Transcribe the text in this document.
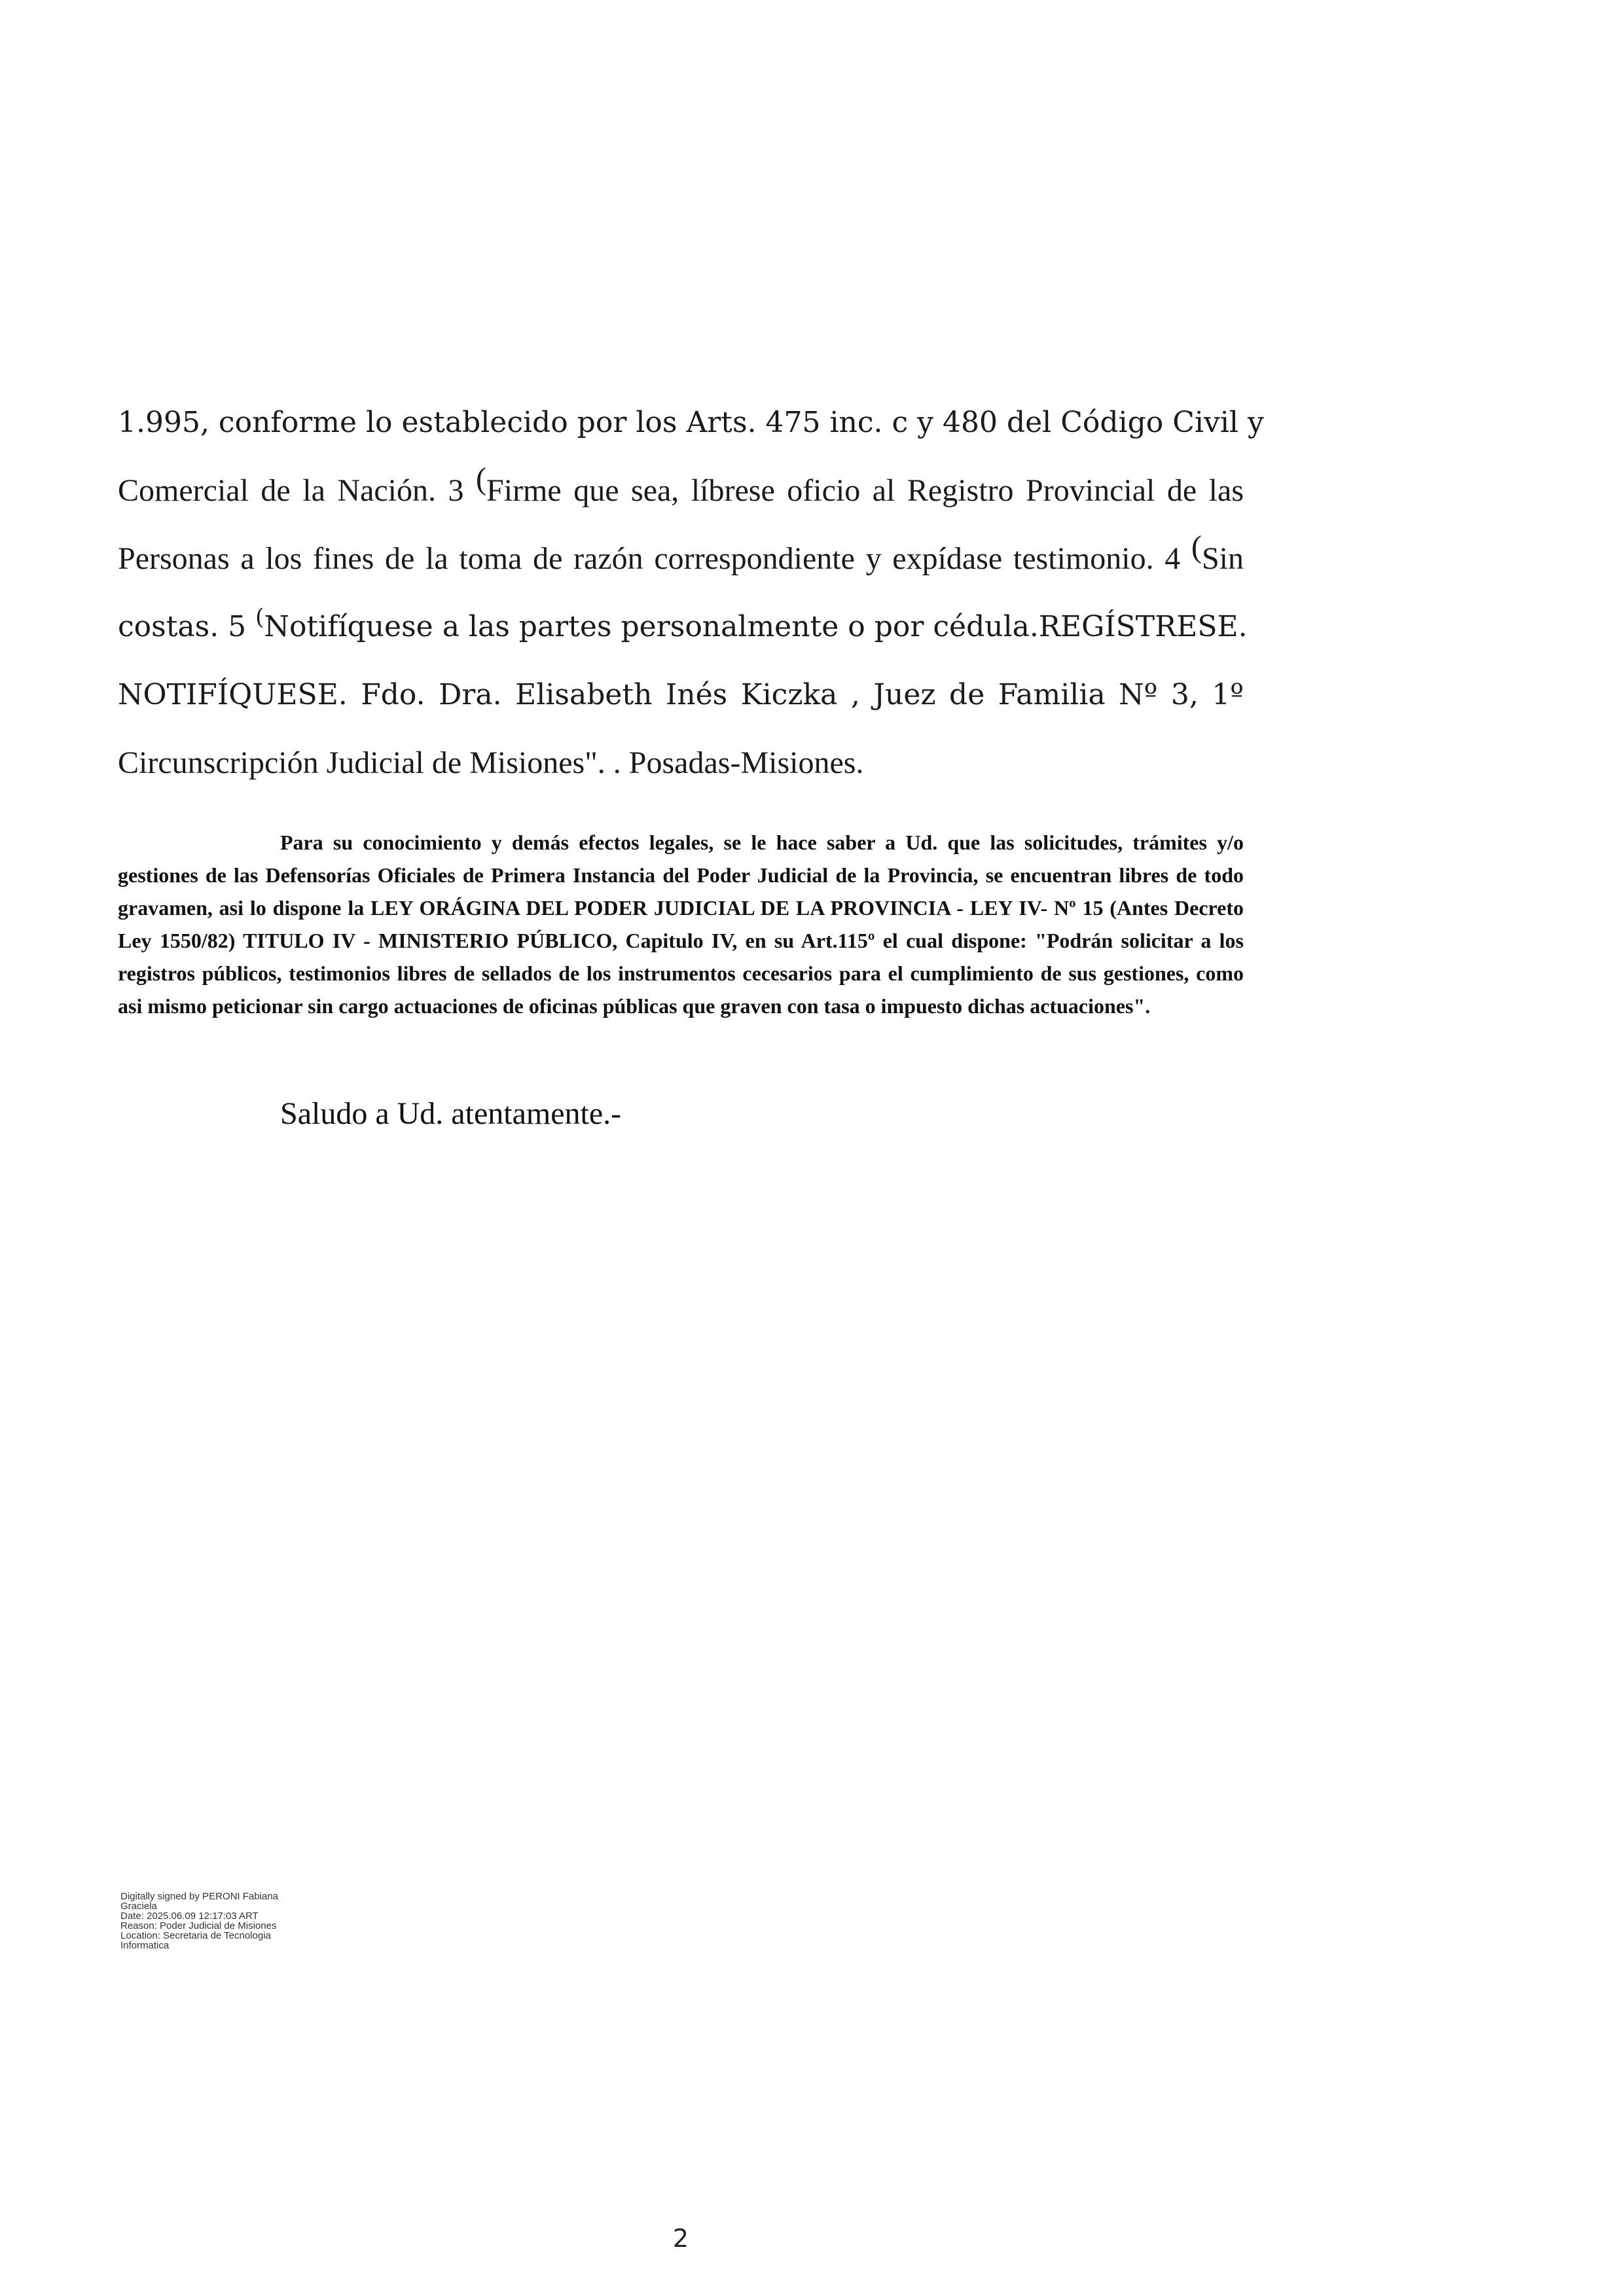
1.995, conforme lo establecido por los Arts. 475 inc. c y 480 del Código Civil y
Comercial de la Nación. 3 (Firme que sea, líbrese oficio al Registro Provincial de las
Personas a los fines de la toma de razón correspondiente y expídase testimonio. 4 (Sin
costas. 5 (Notifíquese a las partes personalmente o por cédula.REGÍSTRESE.
NOTIFÍQUESE. Fdo. Dra. Elisabeth Inés Kiczka , Juez de Familia Nº 3, 1º
Circunscripción Judicial de Misiones". . Posadas-Misiones.
Para su conocimiento y demás efectos legales, se le hace saber a Ud. que las solicitudes, trámites y/o gestiones de las Defensorías Oficiales de Primera Instancia del Poder Judicial de la Provincia, se encuentran libres de todo gravamen, asi lo dispone la LEY ORÁGINA DEL PODER JUDICIAL DE LA PROVINCIA - LEY IV- Nº 15 (Antes Decreto Ley 1550/82) TITULO IV - MINISTERIO PÚBLICO, Capitulo IV, en su Art.115º el cual dispone: "Podrán solicitar a los registros públicos, testimonios libres de sellados de los instrumentos cecesarios para el cumplimiento de sus gestiones, como asi mismo peticionar sin cargo actuaciones de oficinas públicas que graven con tasa o impuesto dichas actuaciones".
Saludo a Ud. atentamente.-
Digitally signed by PERONI Fabiana
Graciela
Date: 2025.06.09 12:17:03 ART
Reason: Poder Judicial de Misiones
Location: Secretaria de Tecnologia
Informatica
2
